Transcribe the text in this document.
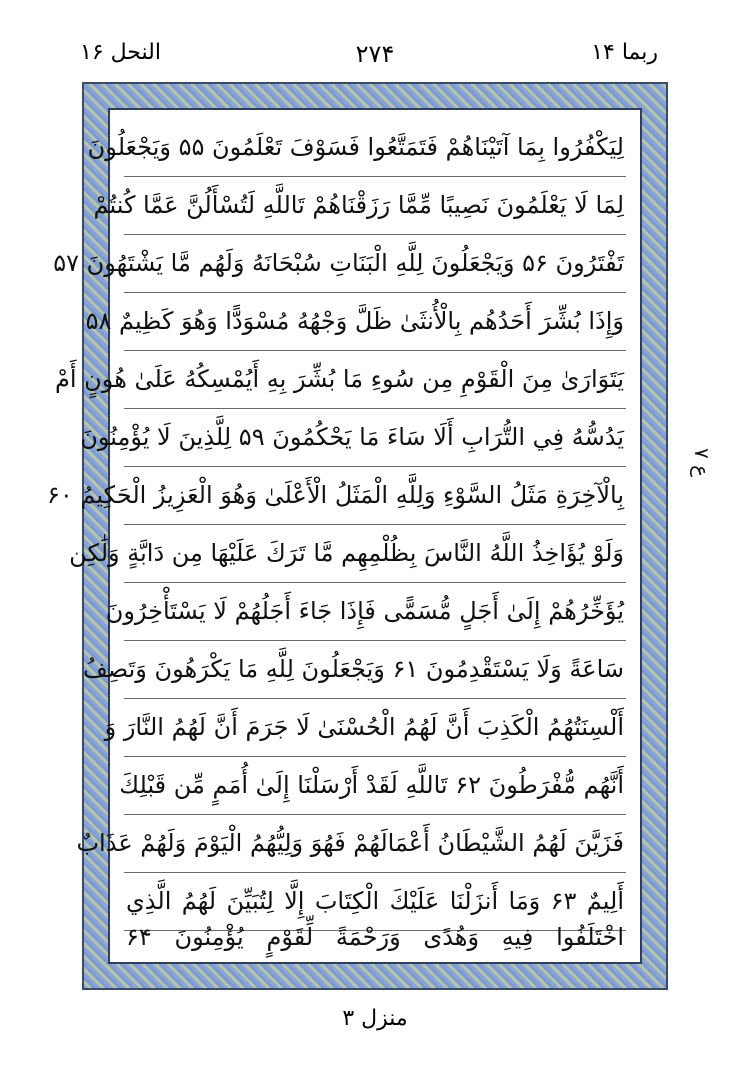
النحل ۱۶	۲۷۴	ربما ۱۴
لِيَكْفُرُوا بِمَا آتَيْنَاهُمْ فَتَمَتَّعُوا فَسَوْفَ تَعْلَمُونَ ۵۵ وَيَجْعَلُونَ
لِمَا لَا يَعْلَمُونَ نَصِيبًا مِّمَّا رَزَقْنَاهُمْ تَاللَّهِ لَتُسْأَلُنَّ عَمَّا كُنتُمْ
تَفْتَرُونَ ۵۶ وَيَجْعَلُونَ لِلَّهِ الْبَنَاتِ سُبْحَانَهُ وَلَهُم مَّا يَشْتَهُونَ ۵۷
وَإِذَا بُشِّرَ أَحَدُهُم بِالْأُنثَىٰ ظَلَّ وَجْهُهُ مُسْوَدًّا وَهُوَ كَظِيمٌ ۵۸
يَتَوَارَىٰ مِنَ الْقَوْمِ مِن سُوءِ مَا بُشِّرَ بِهِ أَيُمْسِكُهُ عَلَىٰ هُونٍ أَمْ
يَدُسُّهُ فِي التُّرَابِ أَلَا سَاءَ مَا يَحْكُمُونَ ۵۹ لِلَّذِينَ لَا يُؤْمِنُونَ
بِالْآخِرَةِ مَثَلُ السَّوْءِ وَلِلَّهِ الْمَثَلُ الْأَعْلَىٰ وَهُوَ الْعَزِيزُ الْحَكِيمُ ۶۰
وَلَوْ يُؤَاخِذُ اللَّهُ النَّاسَ بِظُلْمِهِم مَّا تَرَكَ عَلَيْهَا مِن دَابَّةٍ وَلَٰكِن
يُؤَخِّرُهُمْ إِلَىٰ أَجَلٍ مُّسَمًّى فَإِذَا جَاءَ أَجَلُهُمْ لَا يَسْتَأْخِرُونَ
سَاعَةً وَلَا يَسْتَقْدِمُونَ ۶۱ وَيَجْعَلُونَ لِلَّهِ مَا يَكْرَهُونَ وَتَصِفُ
أَلْسِنَتُهُمُ الْكَذِبَ أَنَّ لَهُمُ الْحُسْنَىٰ لَا جَرَمَ أَنَّ لَهُمُ النَّارَ وَ
أَنَّهُم مُّفْرَطُونَ ۶۲ تَاللَّهِ لَقَدْ أَرْسَلْنَا إِلَىٰ أُمَمٍ مِّن قَبْلِكَ
فَزَيَّنَ لَهُمُ الشَّيْطَانُ أَعْمَالَهُمْ فَهُوَ وَلِيُّهُمُ الْيَوْمَ وَلَهُمْ عَذَابٌ
أَلِيمٌ ۶۳ وَمَا أَنزَلْنَا عَلَيْكَ الْكِتَابَ إِلَّا لِتُبَيِّنَ لَهُمُ الَّذِي
اخْتَلَفُوا فِيهِ وَهُدًى وَرَحْمَةً لِّقَوْمٍ يُؤْمِنُونَ ۶۴
ع ۷
منزل ۳
